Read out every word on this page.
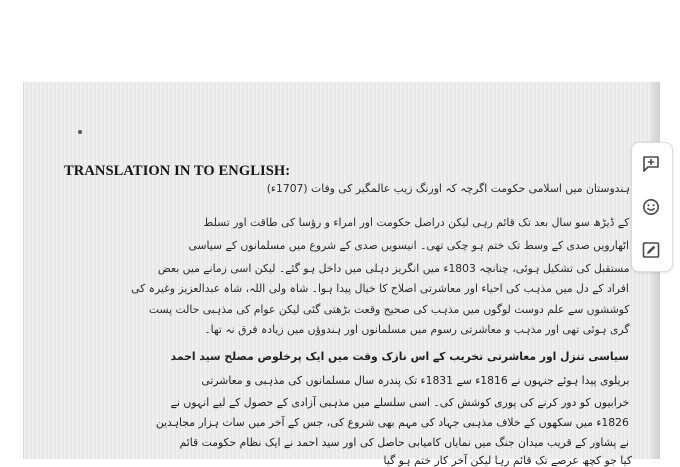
TRANSLATION IN TO ENGLISH:
ہندوستان میں اسلامی حکومت اگرچہ کہ اورنگ زیب عالمگیر کی وفات (1707ء)
کے ڈیڑھ سو سال بعد تک قائم رہی لیکن دراصل حکومت اور امراء و رؤسا کی طاقت اور تسلط
اٹھارویں صدی کے وسط تک ختم ہو چکی تھی۔ انیسویں صدی کے شروع میں مسلمانوں کے سیاسی
مستقبل کی تشکیل ہوئی، چنانچہ 1803ء میں انگریز دہلی میں داخل ہو گئے۔ لیکن اسی زمانے میں بعض
افراد کے دل میں مذہب کی احیاء اور معاشرتی اصلاح کا خیال پیدا ہوا۔ شاہ ولی اللہ، شاہ عبدالعزیز وغیرہ کی
کوششوں سے علم دوست لوگوں میں مذہب کی صحیح وقعت بڑھتی گئی لیکن عوام کی مذہبی حالت پست
گری ہوئی تھی اور مذہب و معاشرتی رسوم میں مسلمانوں اور ہندوؤں میں زیادہ فرق نہ تھا۔
سیاسی تنزل اور معاشرتی تخریب کے اس نازک وقت میں ایک پرخلوص مصلح سید احمد
بریلوی پیدا ہوئے جنہوں نے 1816ء سے 1831ء تک پندرہ سال مسلمانوں کی مذہبی و معاشرتی
خرابیوں کو دور کرنے کی پوری کوشش کی۔ اسی سلسلے میں مذہبی آزادی کے حصول کے لیے انہوں نے
1826ء میں سکھوں کے خلاف مذہبی جہاد کی مہم بھی شروع کی، جس کے آخر میں سات ہزار مجاہدین
نے پشاور کے قریب میدان جنگ میں نمایاں کامیابی حاصل کی اور سید احمد نے ایک نظام حکومت قائم
کیا جو کچھ عرصے تک قائم رہا لیکن آخر کار ختم ہو گیا
